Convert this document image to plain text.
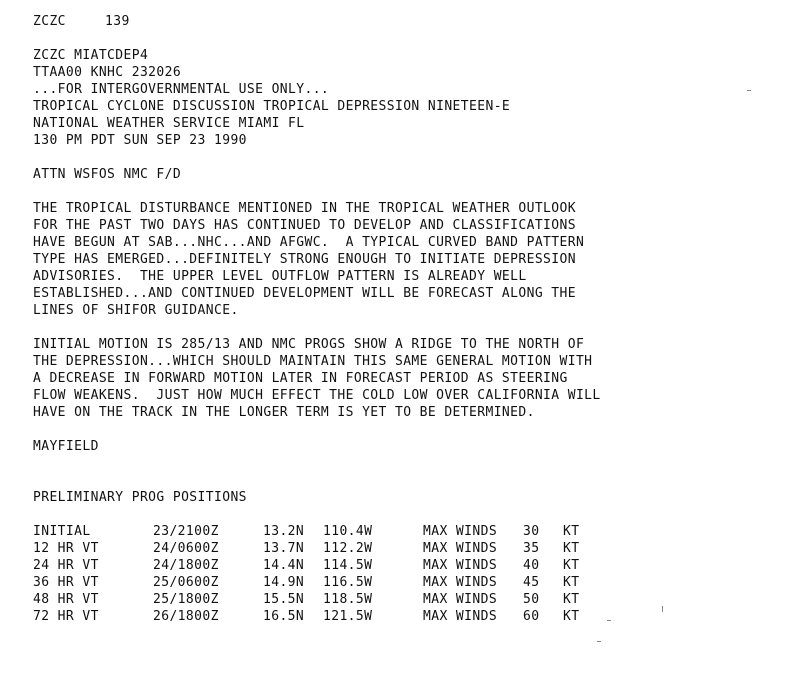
ZCZC	139
ZCZC MIATCDEP4
TTAA00 KNHC 232026
...FOR INTERGOVERNMENTAL USE ONLY...
TROPICAL CYCLONE DISCUSSION TROPICAL DEPRESSION NINETEEN-E
NATIONAL WEATHER SERVICE MIAMI FL
130 PM PDT SUN SEP 23 1990
ATTN WSFOS NMC F/D
THE TROPICAL DISTURBANCE MENTIONED IN THE TROPICAL WEATHER OUTLOOK
FOR THE PAST TWO DAYS HAS CONTINUED TO DEVELOP AND CLASSIFICATIONS
HAVE BEGUN AT SAB...NHC...AND AFGWC.  A TYPICAL CURVED BAND PATTERN
TYPE HAS EMERGED...DEFINITELY STRONG ENOUGH TO INITIATE DEPRESSION
ADVISORIES.  THE UPPER LEVEL OUTFLOW PATTERN IS ALREADY WELL
ESTABLISHED...AND CONTINUED DEVELOPMENT WILL BE FORECAST ALONG THE
LINES OF SHIFOR GUIDANCE.
INITIAL MOTION IS 285/13 AND NMC PROGS SHOW A RIDGE TO THE NORTH OF
THE DEPRESSION...WHICH SHOULD MAINTAIN THIS SAME GENERAL MOTION WITH
A DECREASE IN FORWARD MOTION LATER IN FORECAST PERIOD AS STEERING
FLOW WEAKENS.  JUST HOW MUCH EFFECT THE COLD LOW OVER CALIFORNIA WILL
HAVE ON THE TRACK IN THE LONGER TERM IS YET TO BE DETERMINED.
MAYFIELD
PRELIMINARY PROG POSITIONS
INITIAL	23/2100Z	13.2N	110.4W	MAX WINDS	30	KT
12 HR VT	24/0600Z	13.7N	112.2W	MAX WINDS	35	KT
24 HR VT	24/1800Z	14.4N	114.5W	MAX WINDS	40	KT
36 HR VT	25/0600Z	14.9N	116.5W	MAX WINDS	45	KT
48 HR VT	25/1800Z	15.5N	118.5W	MAX WINDS	50	KT
72 HR VT	26/1800Z	16.5N	121.5W	MAX WINDS	60	KT
